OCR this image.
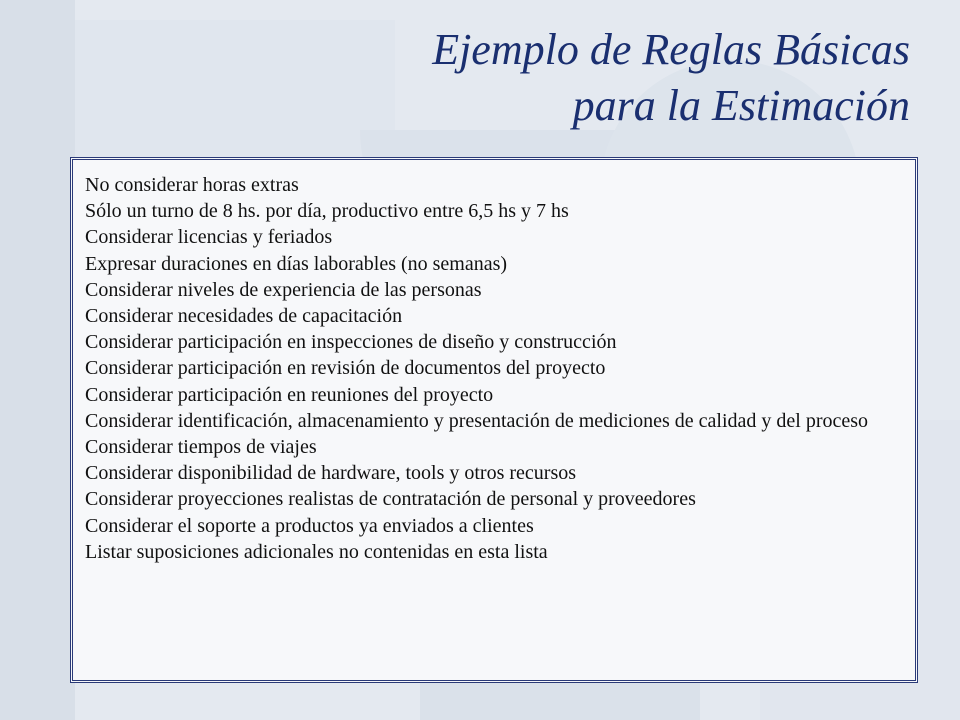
Ejemplo de Reglas Básicas
para la Estimación
No considerar horas extras
Sólo un turno de 8 hs. por día, productivo entre 6,5 hs y 7 hs
Considerar licencias y feriados
Expresar duraciones en días laborables (no semanas)
Considerar niveles de experiencia de las personas
Considerar necesidades de capacitación
Considerar participación en inspecciones de diseño y construcción
Considerar participación en revisión de documentos del proyecto
Considerar participación en reuniones del proyecto
Considerar identificación, almacenamiento y presentación de mediciones de calidad y del proceso
Considerar tiempos de viajes
Considerar disponibilidad de hardware, tools y otros recursos
Considerar proyecciones realistas de contratación de personal y proveedores
Considerar el soporte a productos ya enviados a clientes
Listar suposiciones adicionales no contenidas en esta lista
